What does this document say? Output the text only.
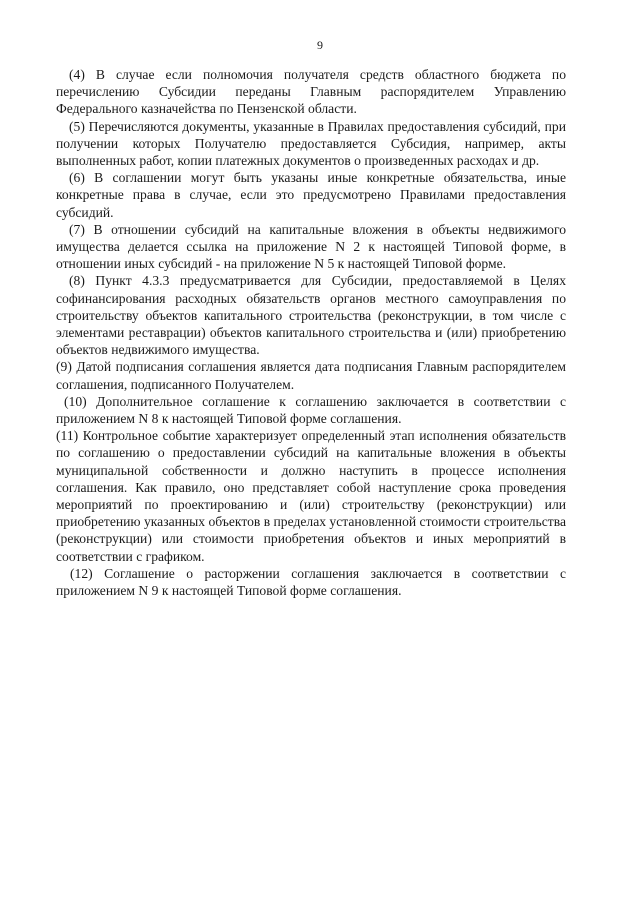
9

(4) В случае если полномочия получателя средств областного бюджета по перечислению Субсидии переданы Главным распорядителем Управлению Федерального казначейства по Пензенской области.

(5) Перечисляются документы, указанные в Правилах предоставления субсидий, при получении которых Получателю предоставляется Субсидия, например, акты выполненных работ, копии платежных документов о произведенных расходах и др.

(6) В соглашении могут быть указаны иные конкретные обязательства, иные конкретные права в случае, если это предусмотрено Правилами предоставления субсидий.

(7) В отношении субсидий на капитальные вложения в объекты недвижимого имущества делается ссылка на приложение N 2 к настоящей Типовой форме, в отношении иных субсидий - на приложение N 5 к настоящей Типовой форме.

(8) Пункт 4.3.3 предусматривается для Субсидии, предоставляемой в Целях софинансирования расходных обязательств органов местного самоуправления по строительству объектов капитального строительства (реконструкции, в том числе с элементами реставрации) объектов капитального строительства и (или) приобретению объектов недвижимого имущества.

(9) Датой подписания соглашения является дата подписания Главным распорядителем соглашения, подписанного Получателем.

(10) Дополнительное соглашение к соглашению заключается в соответствии с приложением N 8 к настоящей Типовой форме соглашения.

(11) Контрольное событие характеризует определенный этап исполнения обязательств по соглашению о предоставлении субсидий на капитальные вложения в объекты муниципальной собственности и должно наступить в процессе исполнения соглашения. Как правило, оно представляет собой наступление срока проведения мероприятий по проектированию и (или) строительству (реконструкции) или приобретению указанных объектов в пределах установленной стоимости строительства (реконструкции) или стоимости приобретения объектов и иных мероприятий в соответствии с графиком.

(12) Соглашение о расторжении соглашения заключается в соответствии с приложением N 9 к настоящей Типовой форме соглашения.
